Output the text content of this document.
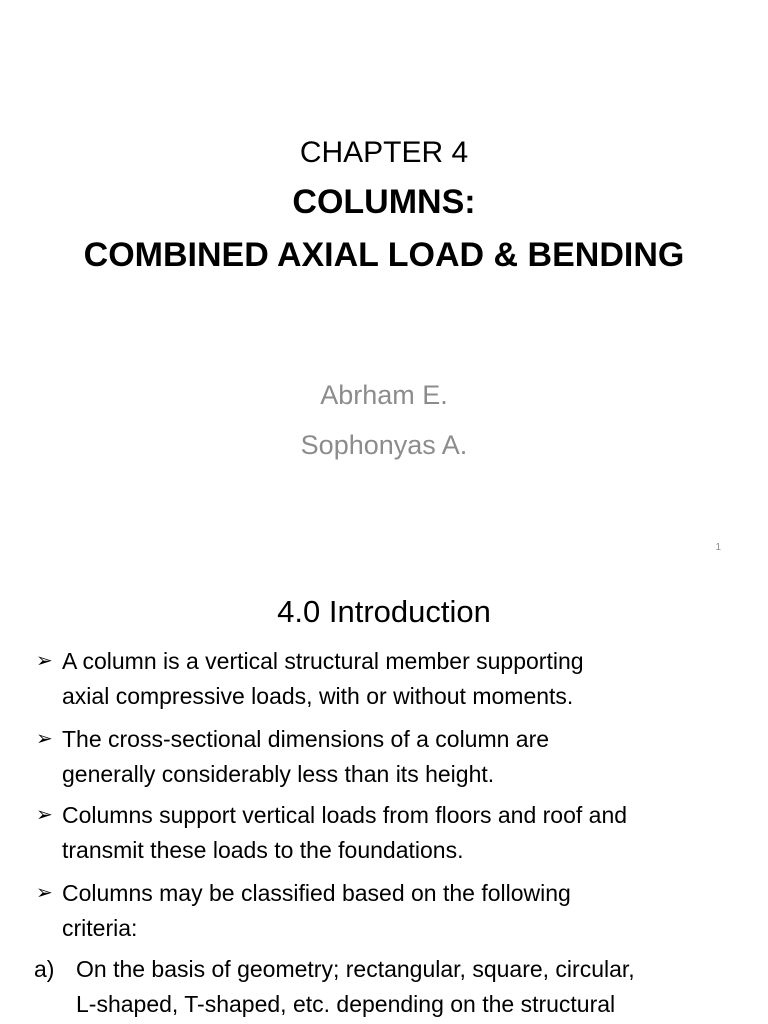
CHAPTER 4
COLUMNS:
COMBINED AXIAL LOAD & BENDING
Abrham E.
Sophonyas A.
1
4.0 Introduction
➢ A column is a vertical structural member supporting
axial compressive loads, with or without moments.
➢ The cross-sectional dimensions of a column are
generally considerably less than its height.
➢ Columns support vertical loads from floors and roof and
transmit these loads to the foundations.
➢ Columns may be classified based on the following
criteria:
a) On the basis of geometry; rectangular, square, circular,
L-shaped, T-shaped, etc. depending on the structural
